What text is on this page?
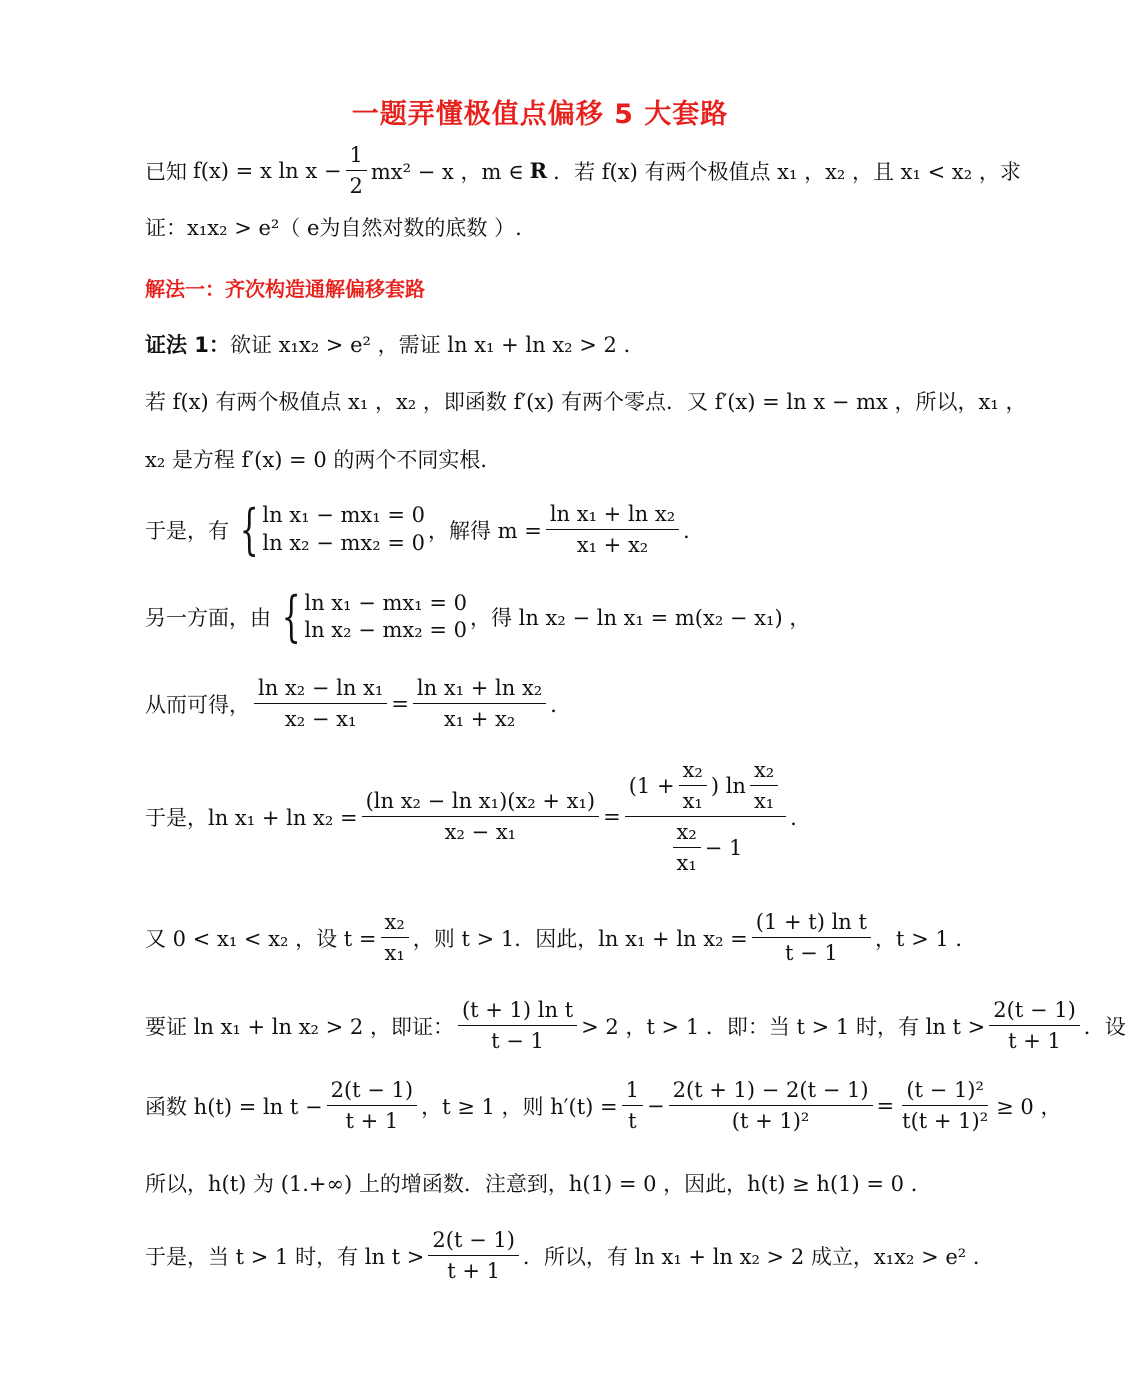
一题弄懂极值点偏移 5 大套路
已知 f(x) = x $\ln x - \frac{1}{2} mx^2 - x$ ，m ∈ R ．若 f(x) 有两个极值点 x₁ ，x₂ ，且 x₁ < x₂ ，求
证：x₁x₂ > e²（ e为自然对数的底数 ）.
解法一：齐次构造通解偏移套路
证法 1： 欲证 x₁x₂ > e² ，需证 ln x₁ + ln x₂ > 2 ．
若 f(x) 有两个极值点 x₁ ，x₂ ，即函数 f′(x) 有两个零点．又 f′(x) = ln x − mx ，所以，x₁ ，
x₂ 是方程 f′(x) = 0 的两个不同实根．
于是，有 { ln x₁ − mx₁ = 0
ln x₂ − mx₂ = 0 ，解得 $m = \frac{\text{ln x₁ + ln x₂}}{\text{x₁ + x₂}}$ ．
另一方面，由 { ln x₁ − mx₁ = 0
ln x₂ − mx₂ = 0 ，得 ln x₂ − ln x₁ = m(x₂ − x₁) ，
从而可得， $\frac{\text{ln x₂ − ln x₁}}{\text{x₂ − x₁}} = \frac{\text{ln x₁ + ln x₂}}{\text{x₁ + x₂}}$ ．
于是，$\ln x_1 + \ln x_2 = \frac{\text{(ln x₂ − ln x₁)(x₂ + x₁)}}{\text{x₂ − x₁}}$ =
($1 + \frac{\text{x₂}}{\text{x₁}}$ ) $\ln \frac{\text{x₂}}{\text{x₁}}$
$\frac{\text{x₂}}{\text{x₁}} - 1$
．
又 0 < x₁ < x₂ ，设 $t = \frac{\text{x₂}}{\text{x₁}}$ ，则 t > 1．因此，$\ln x_1 + \ln x_2 = \frac{\text{(1 + t) ln t}}{t - 1}$ ，t > 1 ．
要证 ln x₁ + ln x₂ > 2 ，即证： $\frac{\text{(t + 1) ln t}}{t - 1} > 2$ ，t > 1 ．即：当 t > 1 时，有 $\ln t > \frac{2(t - 1)}{t + 1}$ ．设
函数 $h(t) = \ln t - \frac{2(t - 1)}{t + 1}$ ，t ≥ 1 ，则 $h'(t) = \frac{1}{t} - \frac{2(t + 1) - 2(t - 1)}{\text{(t + 1)²}} = \frac{\text{(t − 1)²}}{\text{t(t + 1)²}} \ge 0$ ，
所以，h(t) 为 (1.+∞) 上的增函数．注意到，h(1) = 0 ，因此，h(t) ≥ h(1) = 0 ．
于是，当 t > 1 时，有 $\ln t > \frac{2(t - 1)}{t + 1}$ ．所以，有 ln x₁ + ln x₂ > 2 成立，x₁x₂ > e² ．
